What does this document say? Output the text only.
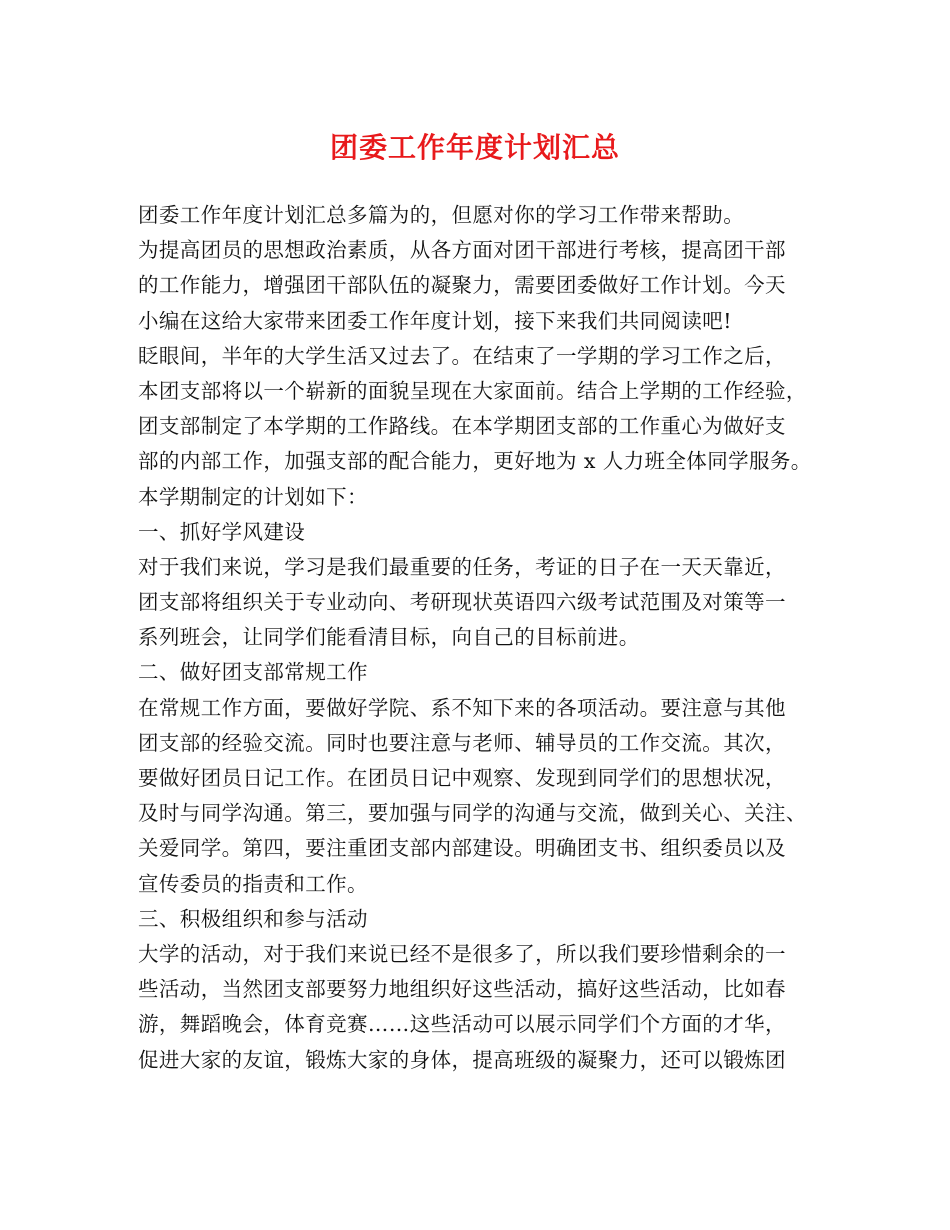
团委工作年度计划汇总
团委工作年度计划汇总多篇为的，但愿对你的学习工作带来帮助。
为提高团员的思想政治素质，从各方面对团干部进行考核，提高团干部
的工作能力，增强团干部队伍的凝聚力，需要团委做好工作计划。今天
小编在这给大家带来团委工作年度计划，接下来我们共同阅读吧!
眨眼间，半年的大学生活又过去了。在结束了一学期的学习工作之后，
本团支部将以一个崭新的面貌呈现在大家面前。结合上学期的工作经验，
团支部制定了本学期的工作路线。在本学期团支部的工作重心为做好支
部的内部工作，加强支部的配合能力，更好地为 x 人力班全体同学服务。
本学期制定的计划如下：
一、抓好学风建设
对于我们来说，学习是我们最重要的任务，考证的日子在一天天靠近，
团支部将组织关于专业动向、考研现状英语四六级考试范围及对策等一
系列班会，让同学们能看清目标，向自己的目标前进。
二、做好团支部常规工作
在常规工作方面，要做好学院、系不知下来的各项活动。要注意与其他
团支部的经验交流。同时也要注意与老师、辅导员的工作交流。其次，
要做好团员日记工作。在团员日记中观察、发现到同学们的思想状况，
及时与同学沟通。第三，要加强与同学的沟通与交流，做到关心、关注、
关爱同学。第四，要注重团支部内部建设。明确团支书、组织委员以及
宣传委员的指责和工作。
三、积极组织和参与活动
大学的活动，对于我们来说已经不是很多了，所以我们要珍惜剩余的一
些活动，当然团支部要努力地组织好这些活动，搞好这些活动，比如春
游，舞蹈晚会，体育竞赛……这些活动可以展示同学们个方面的才华，
促进大家的友谊，锻炼大家的身体，提高班级的凝聚力，还可以锻炼团
